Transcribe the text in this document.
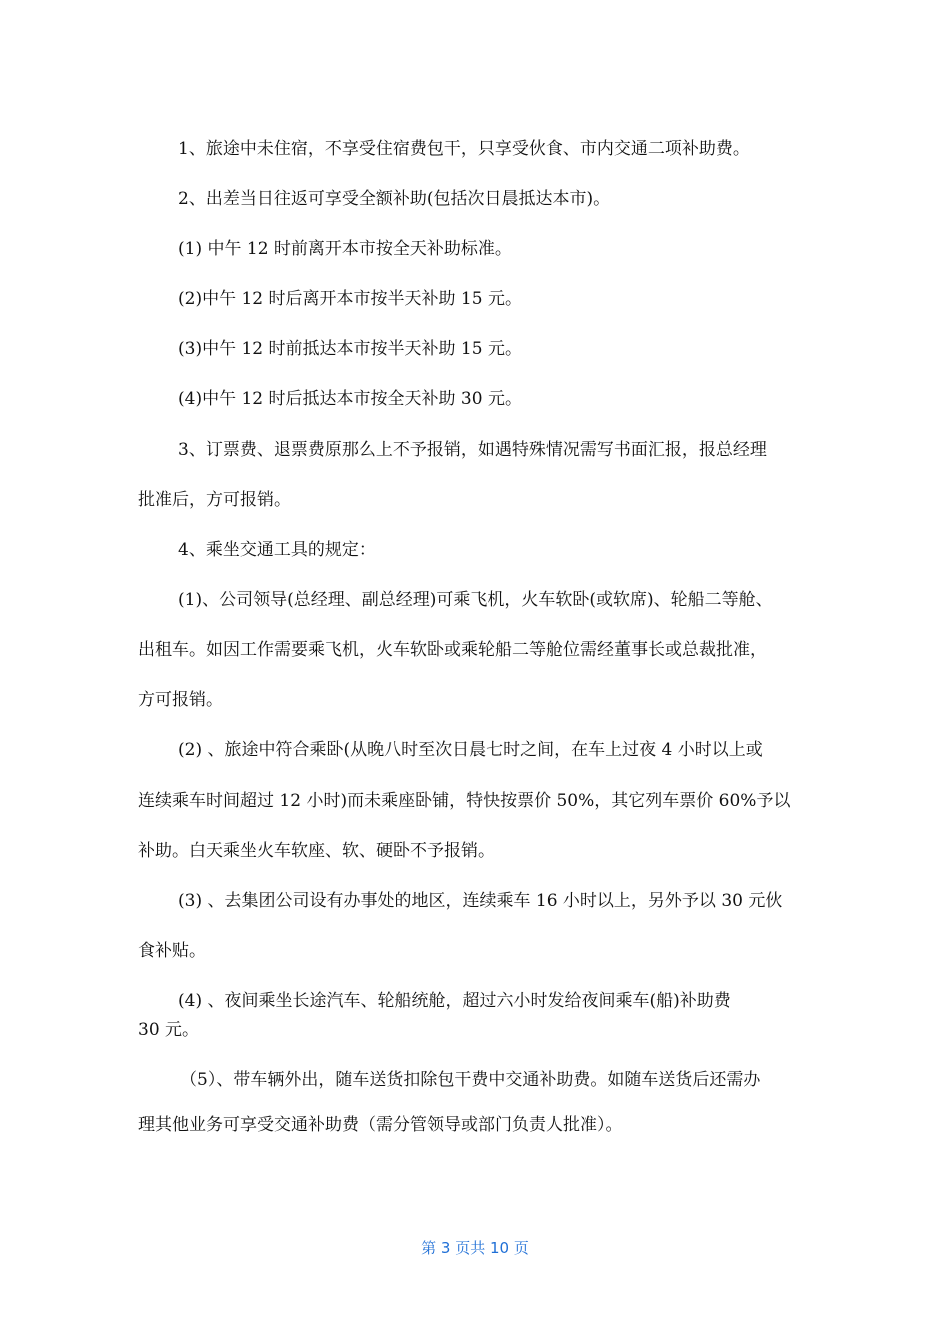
1、旅途中未住宿，不享受住宿费包干，只享受伙食、市内交通二项补助费。
2、出差当日往返可享受全额补助(包括次日晨抵达本市)。
(1) 中午 12 时前离开本市按全天补助标准。
(2)中午 12 时后离开本市按半天补助 15 元。
(3)中午 12 时前抵达本市按半天补助 15 元。
(4)中午 12 时后抵达本市按全天补助 30 元。
3、订票费、退票费原那么上不予报销，如遇特殊情况需写书面汇报，报总经理
批准后，方可报销。
4、乘坐交通工具的规定：
(1)、公司领导(总经理、副总经理)可乘飞机，火车软卧(或软席)、轮船二等舱、
出租车。如因工作需要乘飞机，火车软卧或乘轮船二等舱位需经董事长或总裁批准，
方可报销。
(2) 、旅途中符合乘卧(从晚八时至次日晨七时之间，在车上过夜 4 小时以上或
连续乘车时间超过 12 小时)而未乘座卧铺，特快按票价 50%，其它列车票价 60%予以
补助。白天乘坐火车软座、软、硬卧不予报销。
(3) 、去集团公司设有办事处的地区，连续乘车 16 小时以上，另外予以 30 元伙
食补贴。
(4) 、夜间乘坐长途汽车、轮船统舱，超过六小时发给夜间乘车(船)补助费
30 元。
（5）、带车辆外出，随车送货扣除包干费中交通补助费。如随车送货后还需办
理其他业务可享受交通补助费（需分管领导或部门负责人批准）。
第 3 页共 10 页
